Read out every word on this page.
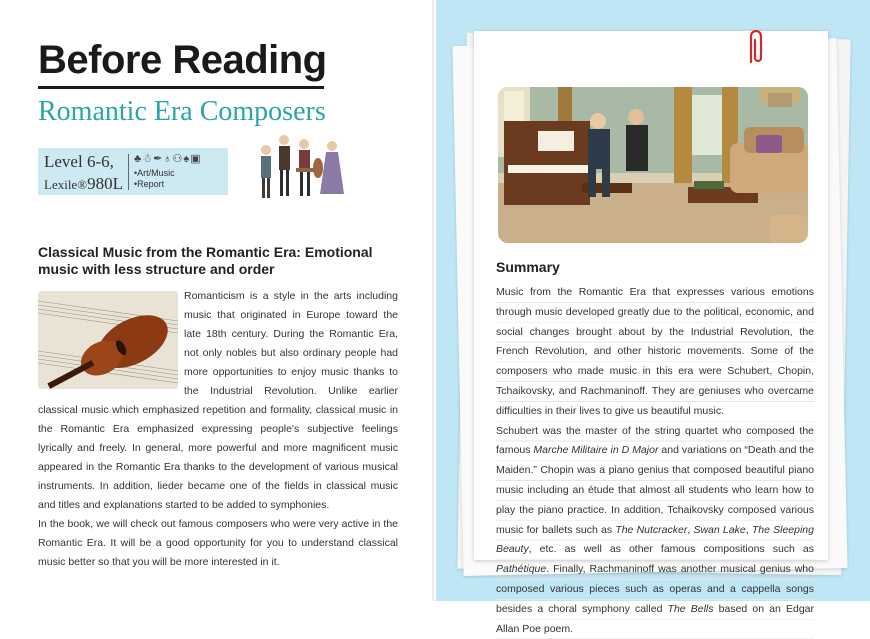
Before Reading
Romantic Era Composers
Level 6-6,
Lexile®980L
♣☃✒♁⚇♠▣
•Art/Music
•Report
Classical Music from the Romantic Era: Emotional music with less structure and order

Romanticism is a style in the arts including music that originated in Europe toward the late 18th century. During the Romantic Era, not only nobles but also ordinary people had more opportunities to enjoy music thanks to the Industrial Revolution. Unlike earlier classical music which emphasized repetition and formality, classical music in the Romantic Era emphasized expressing people's subjective feelings lyrically and freely. In general, more powerful and more magnificent music appeared in the Romantic Era thanks to the development of various musical instruments. In addition, lieder became one of the fields in classical music and titles and explanations started to be added to symphonies.

In the book, we will check out famous composers who were very active in the Romantic Era. It will be a good opportunity for you to understand classical music better so that you will be more interested in it.

Summary

Music from the Romantic Era that expresses various emotions through music developed greatly due to the political, economic, and social changes brought about by the Industrial Revolution, the French Revolution, and other historic movements. Some of the composers who made music in this era were Schubert, Chopin, Tchaikovsky, and Rachmaninoff. They are geniuses who overcame difficulties in their lives to give us beautiful music.

Schubert was the master of the string quartet who composed the famous Marche Militaire in D Major and variations on “Death and the Maiden.” Chopin was a piano genius that composed beautiful piano music including an étude that almost all students who learn how to play the piano practice. In addition, Tchaikovsky composed various music for ballets such as The Nutcracker, Swan Lake, The Sleeping Beauty, etc. as well as other famous compositions such as Pathétique. Finally, Rachmaninoff was another musical genius who composed various pieces such as operas and a cappella songs besides a choral symphony called The Bells based on an Edgar Allan Poe poem.
